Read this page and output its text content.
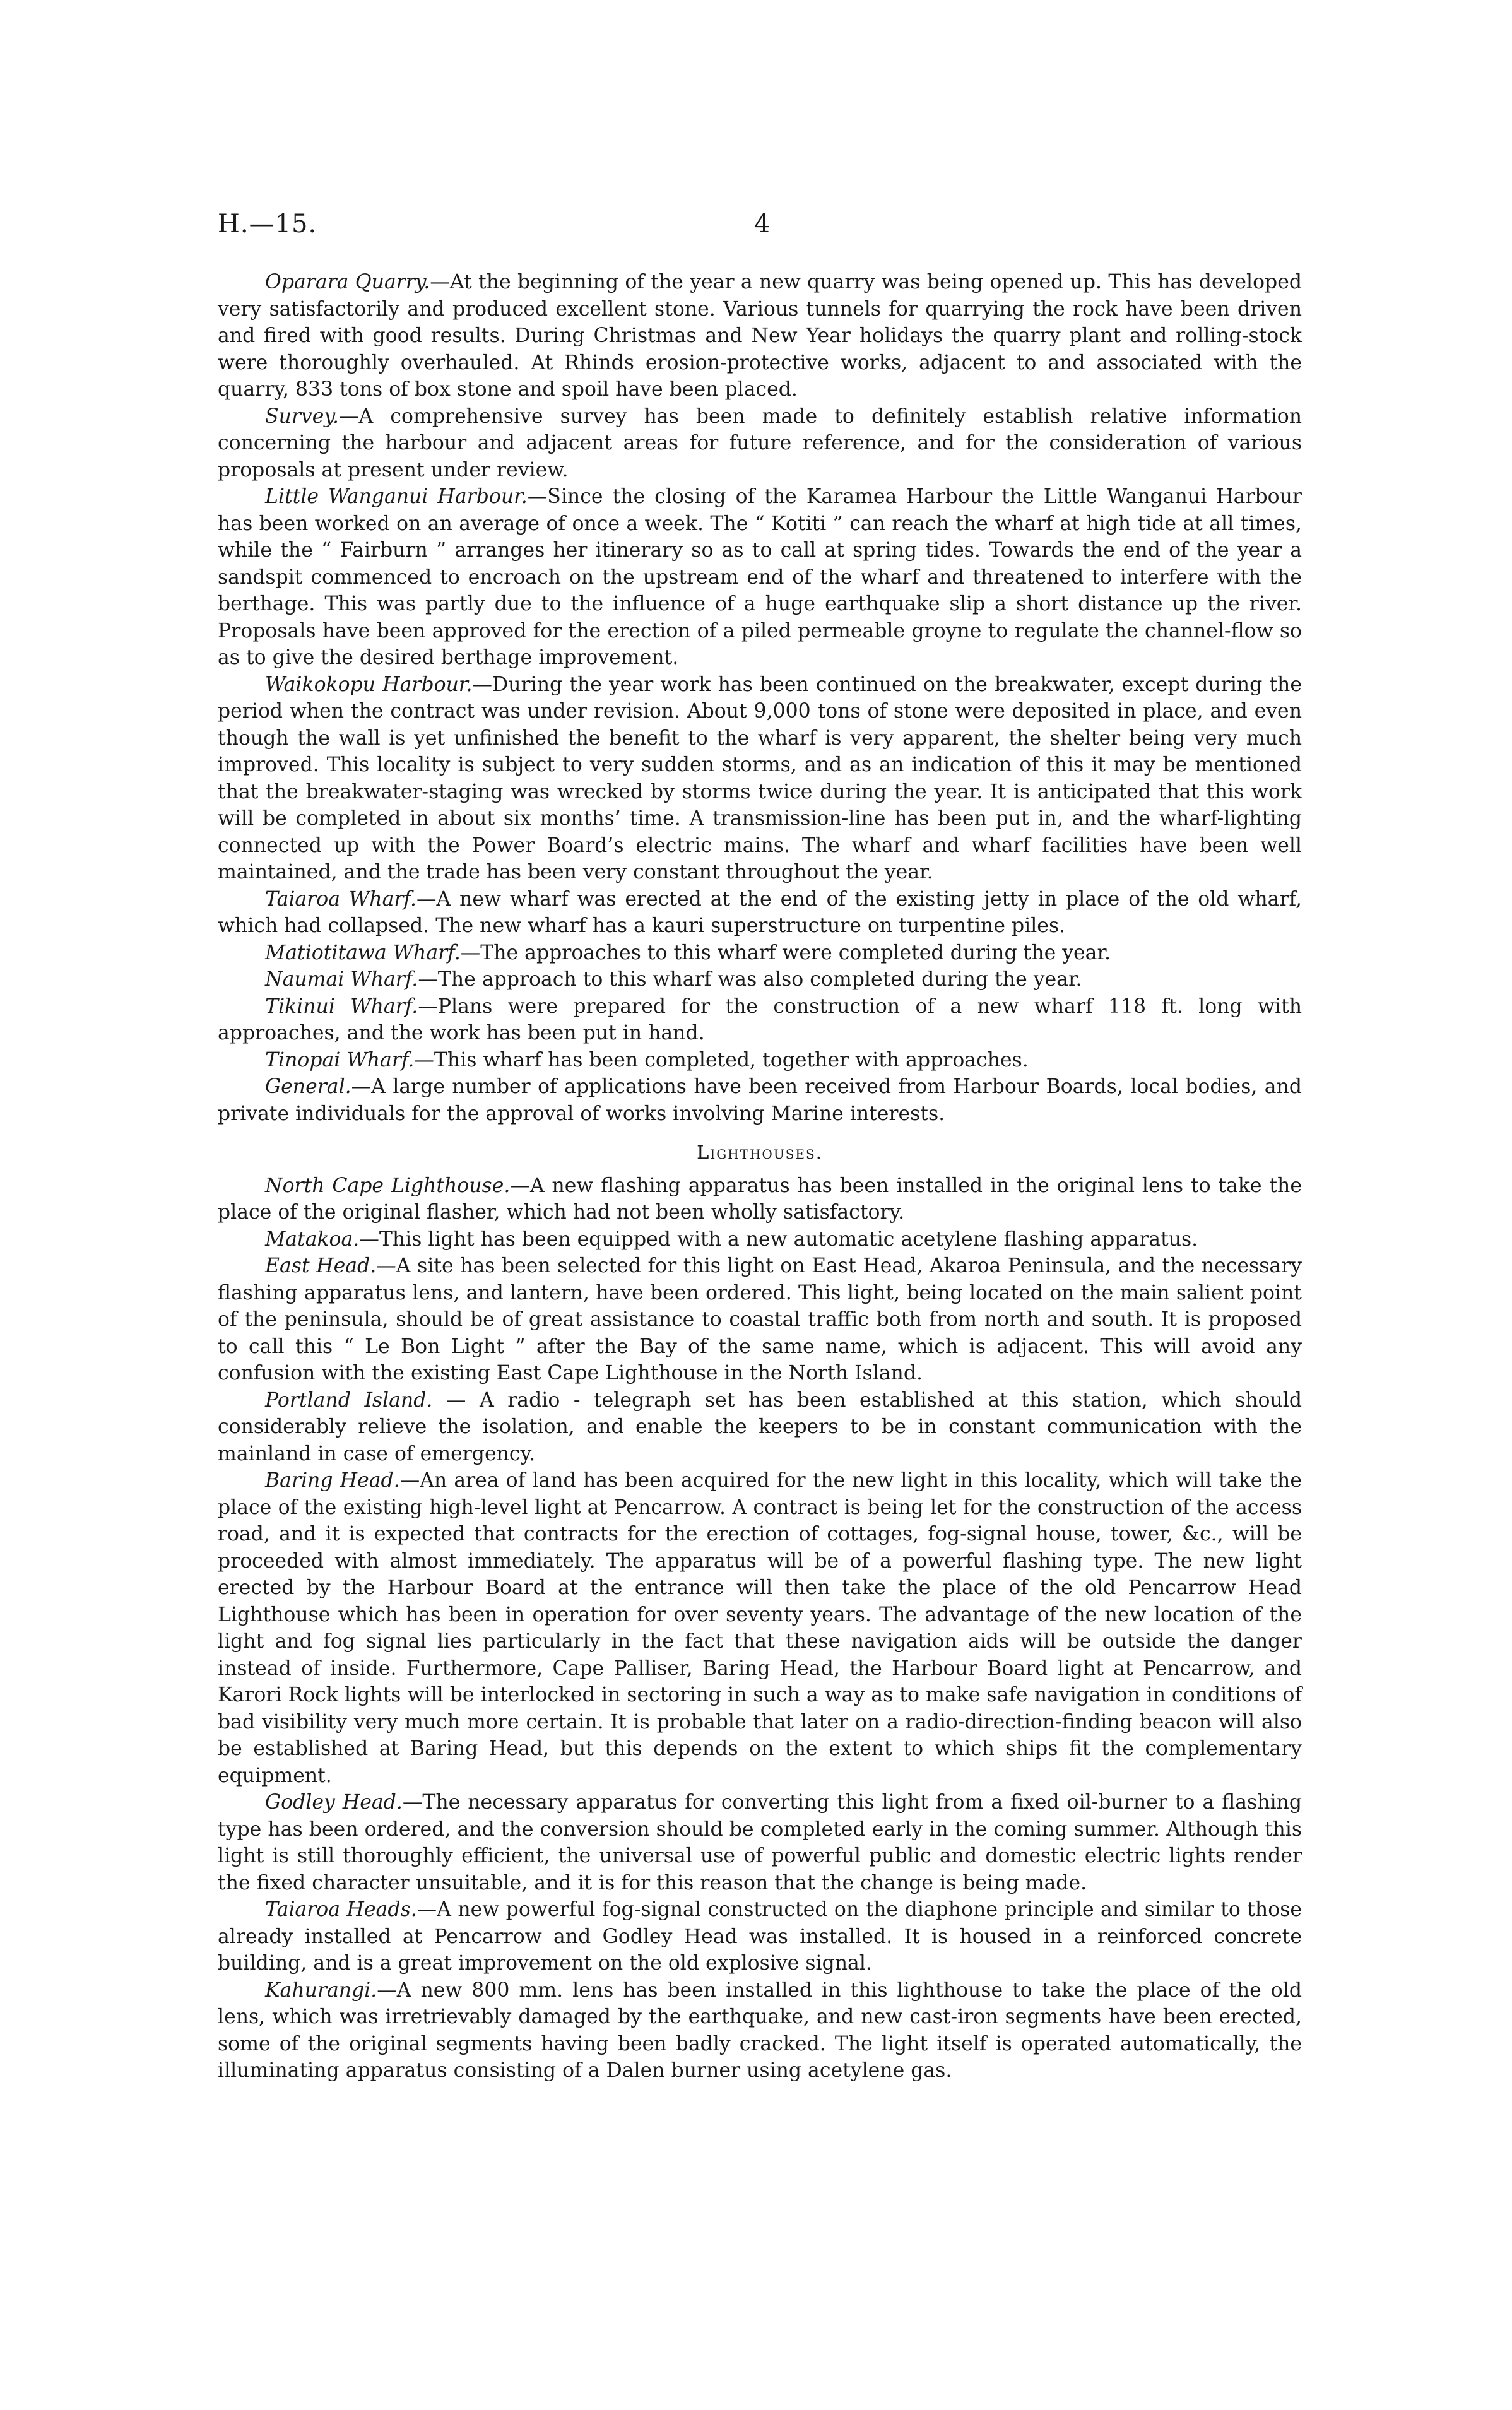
H.—15.	4

Oparara Quarry.—At the beginning of the year a new quarry was being opened up. This has developed very satisfactorily and produced excellent stone. Various tunnels for quarrying the rock have been driven and fired with good results. During Christmas and New Year holidays the quarry plant and rolling-stock were thoroughly overhauled. At Rhinds erosion-protective works, adjacent to and associated with the quarry, 833 tons of box stone and spoil have been placed.

Survey.—A comprehensive survey has been made to definitely establish relative information concerning the harbour and adjacent areas for future reference, and for the consideration of various proposals at present under review.

Little Wanganui Harbour.—Since the closing of the Karamea Harbour the Little Wanganui Harbour has been worked on an average of once a week. The “ Kotiti ” can reach the wharf at high tide at all times, while the “ Fairburn ” arranges her itinerary so as to call at spring tides. Towards the end of the year a sandspit commenced to encroach on the upstream end of the wharf and threatened to interfere with the berthage. This was partly due to the influence of a huge earthquake slip a short distance up the river. Proposals have been approved for the erection of a piled permeable groyne to regulate the channel-flow so as to give the desired berthage improvement.

Waikokopu Harbour.—During the year work has been continued on the breakwater, except during the period when the contract was under revision. About 9,000 tons of stone were deposited in place, and even though the wall is yet unfinished the benefit to the wharf is very apparent, the shelter being very much improved. This locality is subject to very sudden storms, and as an indication of this it may be mentioned that the breakwater-staging was wrecked by storms twice during the year. It is anticipated that this work will be completed in about six months’ time. A transmission-line has been put in, and the wharf-lighting connected up with the Power Board’s electric mains. The wharf and wharf facilities have been well maintained, and the trade has been very constant throughout the year.

Taiaroa Wharf.—A new wharf was erected at the end of the existing jetty in place of the old wharf, which had collapsed. The new wharf has a kauri superstructure on turpentine piles.

Matiotitawa Wharf.—The approaches to this wharf were completed during the year.

Naumai Wharf.—The approach to this wharf was also completed during the year.

Tikinui Wharf.—Plans were prepared for the construction of a new wharf 118 ft. long with approaches, and the work has been put in hand.

Tinopai Wharf.—This wharf has been completed, together with approaches.

General.—A large number of applications have been received from Harbour Boards, local bodies, and private individuals for the approval of works involving Marine interests.

Lighthouses.

North Cape Lighthouse.—A new flashing apparatus has been installed in the original lens to take the place of the original flasher, which had not been wholly satisfactory.

Matakoa.—This light has been equipped with a new automatic acetylene flashing apparatus.

East Head.—A site has been selected for this light on East Head, Akaroa Peninsula, and the necessary flashing apparatus lens, and lantern, have been ordered. This light, being located on the main salient point of the peninsula, should be of great assistance to coastal traffic both from north and south. It is proposed to call this “ Le Bon Light ” after the Bay of the same name, which is adjacent. This will avoid any confusion with the existing East Cape Lighthouse in the North Island.

Portland Island. — A radio - telegraph set has been established at this station, which should considerably relieve the isolation, and enable the keepers to be in constant communication with the mainland in case of emergency.

Baring Head.—An area of land has been acquired for the new light in this locality, which will take the place of the existing high-level light at Pencarrow. A contract is being let for the construction of the access road, and it is expected that contracts for the erection of cottages, fog-signal house, tower, &c., will be proceeded with almost immediately. The apparatus will be of a powerful flashing type. The new light erected by the Harbour Board at the entrance will then take the place of the old Pencarrow Head Lighthouse which has been in operation for over seventy years. The advantage of the new location of the light and fog signal lies particularly in the fact that these navigation aids will be outside the danger instead of inside. Furthermore, Cape Palliser, Baring Head, the Harbour Board light at Pencarrow, and Karori Rock lights will be interlocked in sectoring in such a way as to make safe navigation in conditions of bad visibility very much more certain. It is probable that later on a radio-direction-finding beacon will also be established at Baring Head, but this depends on the extent to which ships fit the complementary equipment.

Godley Head.—The necessary apparatus for converting this light from a fixed oil-burner to a flashing type has been ordered, and the conversion should be completed early in the coming summer. Although this light is still thoroughly efficient, the universal use of powerful public and domestic electric lights render the fixed character unsuitable, and it is for this reason that the change is being made.

Taiaroa Heads.—A new powerful fog-signal constructed on the diaphone principle and similar to those already installed at Pencarrow and Godley Head was installed. It is housed in a reinforced concrete building, and is a great improvement on the old explosive signal.

Kahurangi.—A new 800 mm. lens has been installed in this lighthouse to take the place of the old lens, which was irretrievably damaged by the earthquake, and new cast-iron segments have been erected, some of the original segments having been badly cracked. The light itself is operated automatically, the illuminating apparatus consisting of a Dalen burner using acetylene gas.
